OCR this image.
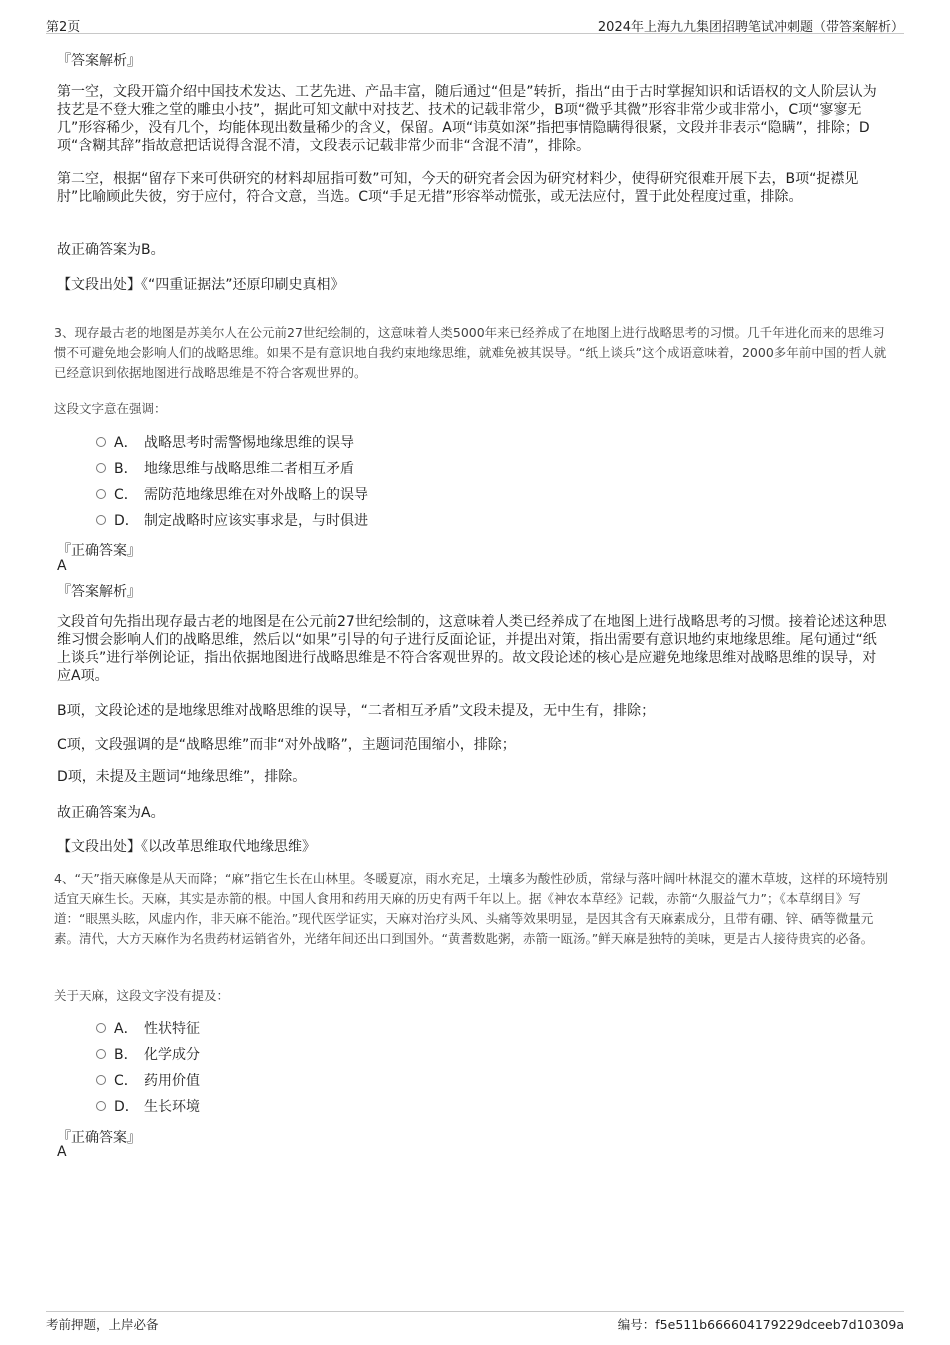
第2页	2024年上海九九集团招聘笔试冲刺题（带答案解析）
『答案解析』
第一空，文段开篇介绍中国技术发达、工艺先进、产品丰富，随后通过“但是”转折，指出“由于古时掌握知识和话语权的文人阶层认为技艺是不登大雅之堂的雕虫小技”，据此可知文献中对技艺、技术的记载非常少，B项“微乎其微”形容非常少或非常小，C项“寥寥无几”形容稀少，没有几个，均能体现出数量稀少的含义，保留。A项“讳莫如深”指把事情隐瞒得很紧，文段并非表示“隐瞒”，排除；D项“含糊其辞”指故意把话说得含混不清，文段表示记载非常少而非“含混不清”，排除。
第二空，根据“留存下来可供研究的材料却屈指可数”可知，今天的研究者会因为研究材料少，使得研究很难开展下去，B项“捉襟见肘”比喻顾此失彼，穷于应付，符合文意，当选。C项“手足无措”形容举动慌张，或无法应付，置于此处程度过重，排除。
故正确答案为B。
【文段出处】《“四重证据法”还原印刷史真相》
3、现存最古老的地图是苏美尔人在公元前27世纪绘制的，这意味着人类5000年来已经养成了在地图上进行战略思考的习惯。几千年进化而来的思维习惯不可避免地会影响人们的战略思维。如果不是有意识地自我约束地缘思维，就难免被其误导。“纸上谈兵”这个成语意味着，2000多年前中国的哲人就已经意识到依据地图进行战略思维是不符合客观世界的。
这段文字意在强调：
A． 战略思考时需警惕地缘思维的误导
B． 地缘思维与战略思维二者相互矛盾
C． 需防范地缘思维在对外战略上的误导
D． 制定战略时应该实事求是，与时俱进
『正确答案』
A
『答案解析』
文段首句先指出现存最古老的地图是在公元前27世纪绘制的，这意味着人类已经养成了在地图上进行战略思考的习惯。接着论述这种思维习惯会影响人们的战略思维，然后以“如果”引导的句子进行反面论证，并提出对策，指出需要有意识地约束地缘思维。尾句通过“纸上谈兵”进行举例论证，指出依据地图进行战略思维是不符合客观世界的。故文段论述的核心是应避免地缘思维对战略思维的误导，对应A项。
B项，文段论述的是地缘思维对战略思维的误导，“二者相互矛盾”文段未提及，无中生有，排除；
C项，文段强调的是“战略思维”而非“对外战略”，主题词范围缩小，排除；
D项，未提及主题词“地缘思维”，排除。
故正确答案为A。
【文段出处】《以改革思维取代地缘思维》
4、“天”指天麻像是从天而降；“麻”指它生长在山林里。冬暖夏凉，雨水充足，土壤多为酸性砂质，常绿与落叶阔叶林混交的灌木草坡，这样的环境特别适宜天麻生长。天麻，其实是赤箭的根。中国人食用和药用天麻的历史有两千年以上。据《神农本草经》记载，赤箭“久服益气力”；《本草纲目》写道：“眼黑头眩，风虚内作，非天麻不能治。”现代医学证实，天麻对治疗头风、头痛等效果明显，是因其含有天麻素成分，且带有硼、锌、硒等微量元素。清代，大方天麻作为名贵药材运销省外，光绪年间还出口到国外。“黄耆数匙粥，赤箭一瓯汤。”鲜天麻是独特的美味，更是古人接待贵宾的必备。
关于天麻，这段文字没有提及：
A． 性状特征
B． 化学成分
C． 药用价值
D． 生长环境
『正确答案』
A
考前押题，上岸必备	编号：f5e511b666604179229dceeb7d10309a
